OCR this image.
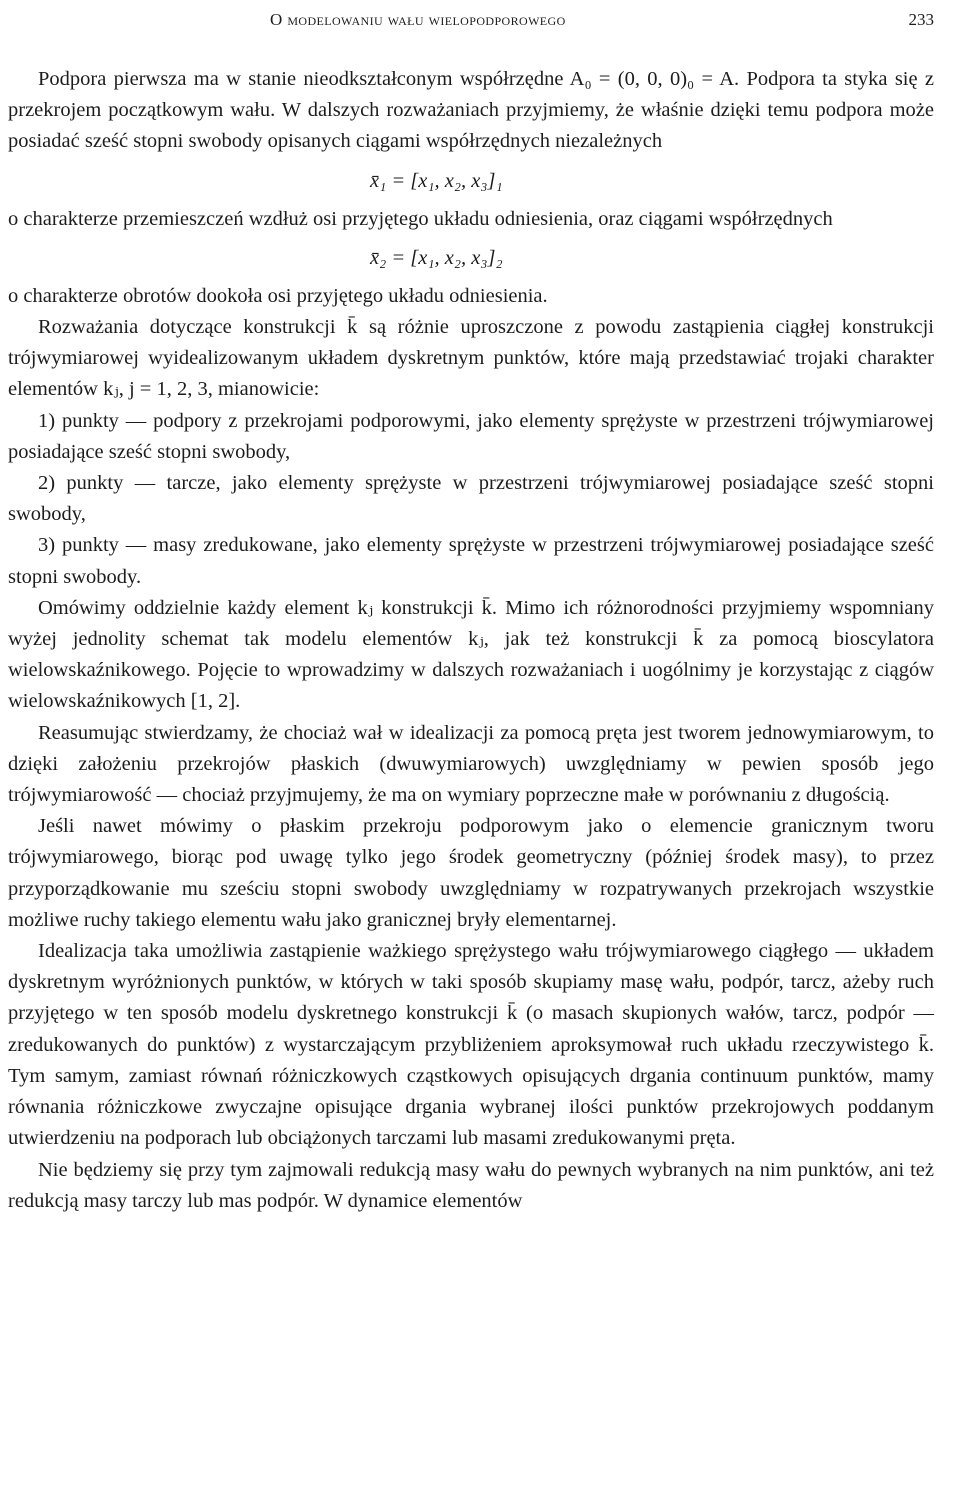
O modelowaniu wału wielopodporowego	233

Podpora pierwsza ma w stanie nieodkształconym współrzędne A₀ = (0, 0, 0)₀ = A. Podpora ta styka się z przekrojem początkowym wału. W dalszych rozważaniach przyjmiemy, że właśnie dzięki temu podpora może posiadać sześć stopni swobody opisanych ciągami współrzędnych niezależnych

x̄₁ = [x₁, x₂, x₃]₁

o charakterze przemieszczeń wzdłuż osi przyjętego układu odniesienia, oraz ciągami współrzędnych

x̄₂ = [x₁, x₂, x₃]₂

o charakterze obrotów dookoła osi przyjętego układu odniesienia.

Rozważania dotyczące konstrukcji k̄ są różnie uproszczone z powodu zastąpienia ciągłej konstrukcji trójwymiarowej wyidealizowanym układem dyskretnym punktów, które mają przedstawiać trojaki charakter elementów kⱼ, j = 1, 2, 3, mianowicie:

1) punkty — podpory z przekrojami podporowymi, jako elementy sprężyste w przestrzeni trójwymiarowej posiadające sześć stopni swobody,

2) punkty — tarcze, jako elementy sprężyste w przestrzeni trójwymiarowej posiadające sześć stopni swobody,

3) punkty — masy zredukowane, jako elementy sprężyste w przestrzeni trójwymiarowej posiadające sześć stopni swobody.

Omówimy oddzielnie każdy element kⱼ konstrukcji k̄. Mimo ich różnorodności przyjmiemy wspomniany wyżej jednolity schemat tak modelu elementów kⱼ, jak też konstrukcji k̄ za pomocą bioscylatora wielowskaźnikowego. Pojęcie to wprowadzimy w dalszych rozważaniach i uogólnimy je korzystając z ciągów wielowskaźnikowych [1, 2].

Reasumując stwierdzamy, że chociaż wał w idealizacji za pomocą pręta jest tworem jednowymiarowym, to dzięki założeniu przekrojów płaskich (dwuwymiarowych) uwzględniamy w pewien sposób jego trójwymiarowość — chociaż przyjmujemy, że ma on wymiary poprzeczne małe w porównaniu z długością.

Jeśli nawet mówimy o płaskim przekroju podporowym jako o elemencie granicznym tworu trójwymiarowego, biorąc pod uwagę tylko jego środek geometryczny (później środek masy), to przez przyporządkowanie mu sześciu stopni swobody uwzględniamy w rozpatrywanych przekrojach wszystkie możliwe ruchy takiego elementu wału jako granicznej bryły elementarnej.

Idealizacja taka umożliwia zastąpienie ważkiego sprężystego wału trójwymiarowego ciągłego — układem dyskretnym wyróżnionych punktów, w których w taki sposób skupiamy masę wału, podpór, tarcz, ażeby ruch przyjętego w ten sposób modelu dyskretnego konstrukcji k̄ (o masach skupionych wałów, tarcz, podpór — zredukowanych do punktów) z wystarczającym przybliżeniem aproksymował ruch układu rzeczywistego k̄. Tym samym, zamiast równań różniczkowych cząstkowych opisujących drgania continuum punktów, mamy równania różniczkowe zwyczajne opisujące drgania wybranej ilości punktów przekrojowych poddanym utwierdzeniu na podporach lub obciążonych tarczami lub masami zredukowanymi pręta.

Nie będziemy się przy tym zajmowali redukcją masy wału do pewnych wybranych na nim punktów, ani też redukcją masy tarczy lub mas podpór. W dynamice elementów
